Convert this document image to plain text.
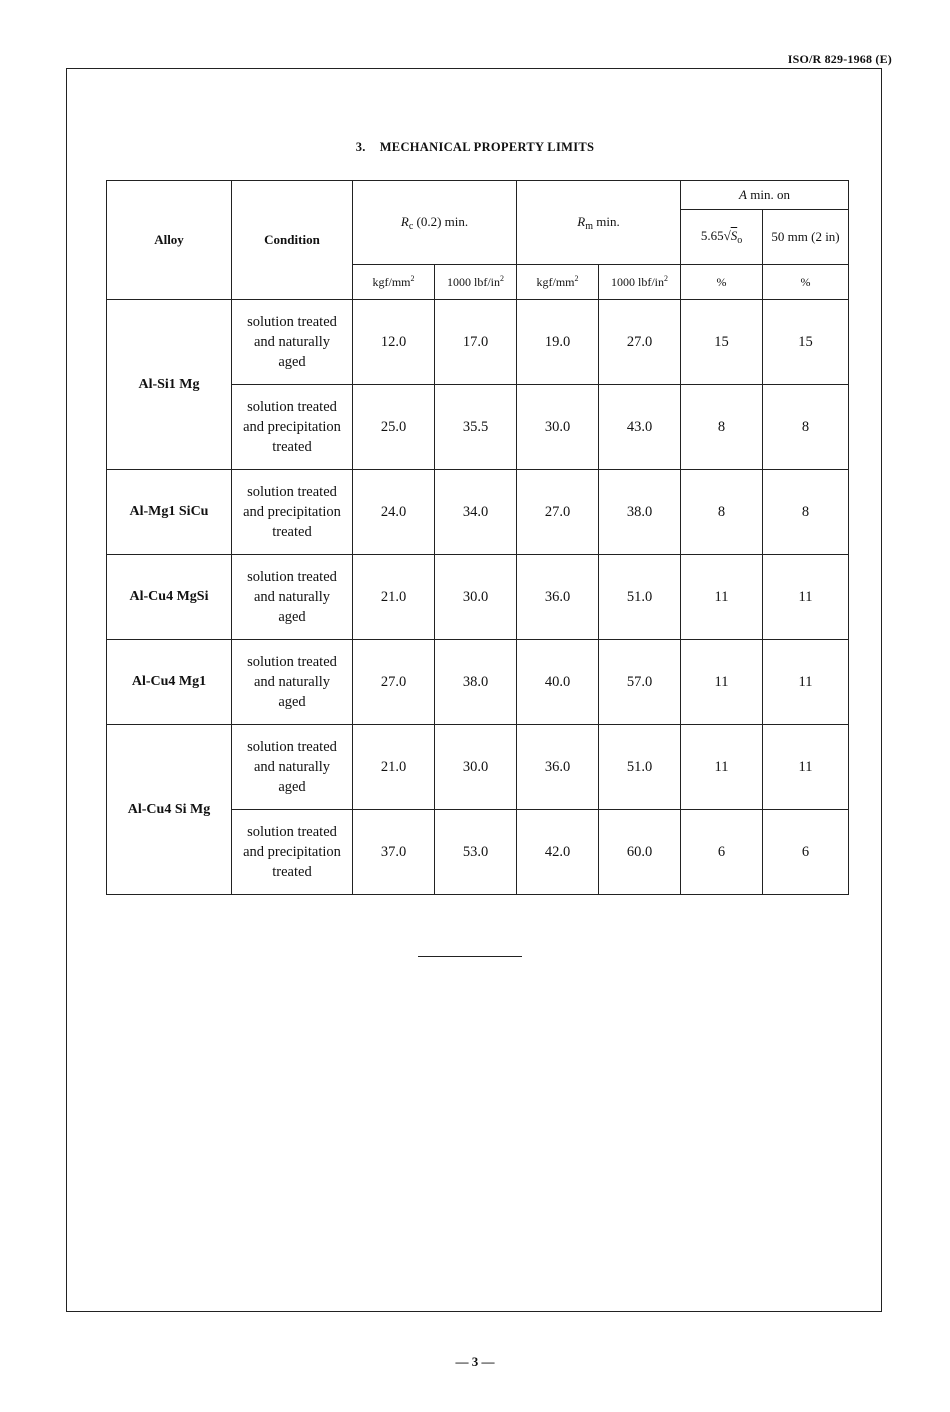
ISO/R 829-1968 (E)
3. MECHANICAL PROPERTY LIMITS
Alloy	Condition	$R_c$ (0.2) min.		$R_m$ min.		A min. on	
						$5.65√S_o$	50 mm (2 in)
		kgf/$mm^2$	1000 lbf/$in^2$	kgf/$mm^2$	1000 lbf/$in^2$	%	%
Al-Si1 Mg	solution treated
and naturally
aged	12.0	17.0	19.0	27.0	15	15

	solution treated
and precipitation
treated	25.0	35.5	30.0	43.0	8	8
Al-Mg1 SiCu	solution treated
and precipitation
treated	24.0	34.0	27.0	38.0	8	8
Al-Cu4 MgSi	solution treated
and naturally
aged	21.0	30.0	36.0	51.0	11	11
Al-Cu4 Mg1	solution treated
and naturally
aged	27.0	38.0	40.0	57.0	11	11
Al-Cu4 Si Mg	solution treated
and naturally
aged	21.0	30.0	36.0	51.0	11	11

	solution treated
and precipitation
treated	37.0	53.0	42.0	60.0	6	6
— 3 —
